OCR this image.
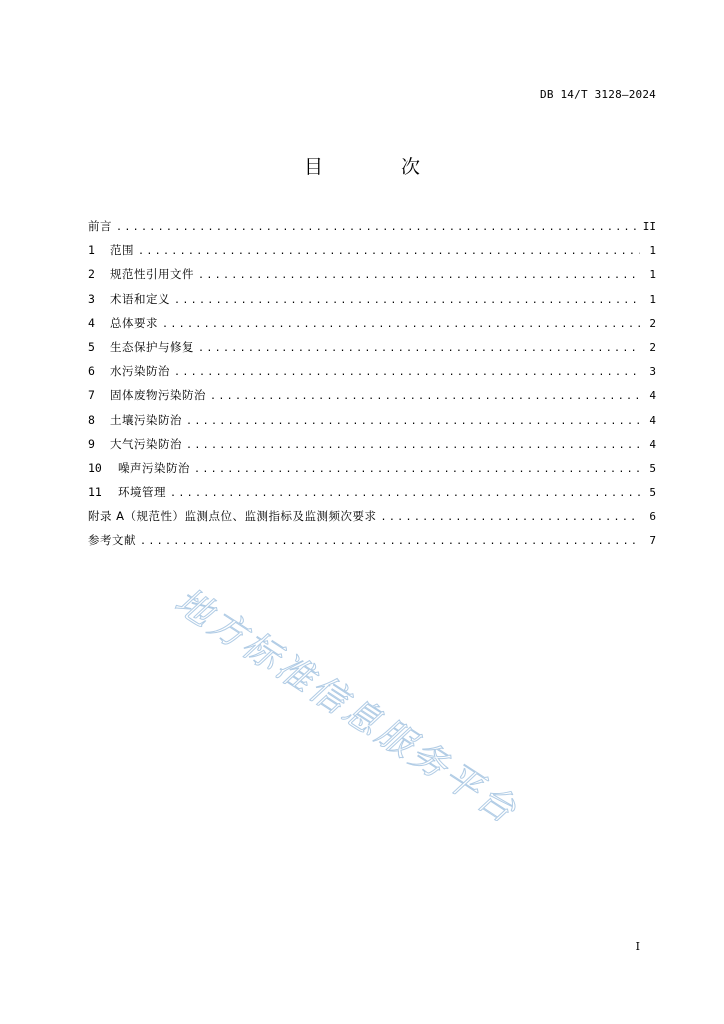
DB 14/T 3128—2024
目 次
前言 .....	II
1	范围 .....	1
2	规范性引用文件 .....	1
3	术语和定义 .....	1
4	总体要求 .....	2
5	生态保护与修复 .....	2
6	水污染防治 .....	3
7	固体废物污染防治 .....	4
8	土壤污染防治 .....	4
9	大气污染防治 .....	4
10	噪声污染防治 .....	5
11	环境管理 .....	5
附录 A（规范性）监测点位、监测指标及监测频次要求 .....	6
参考文献 .....	7
地方标准信息服务平台
I
